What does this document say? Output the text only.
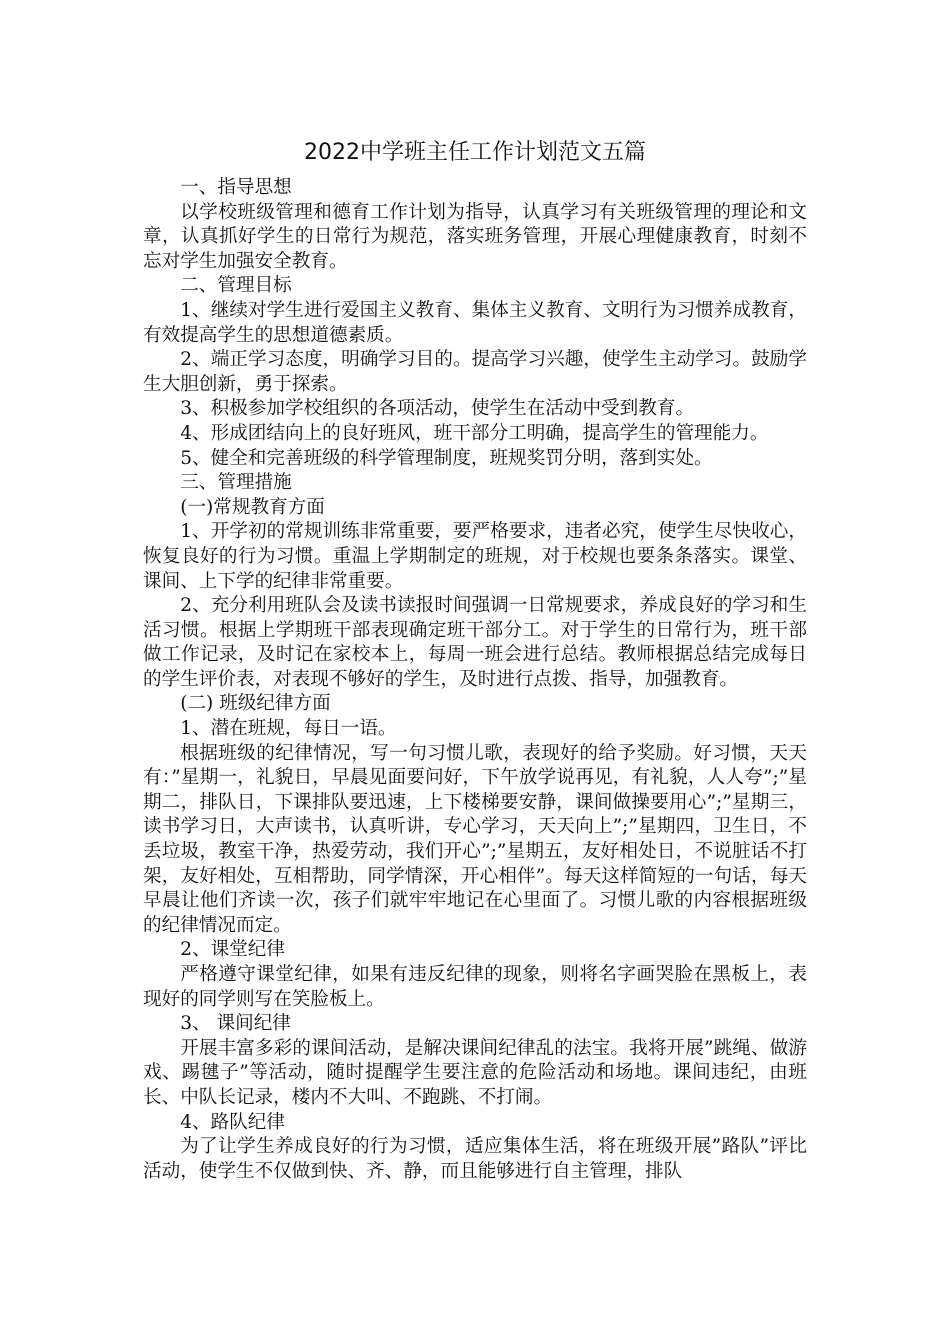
2022中学班主任工作计划范文五篇

一、指导思想

以学校班级管理和德育工作计划为指导，认真学习有关班级管理的理论和文章，认真抓好学生的日常行为规范，落实班务管理，开展心理健康教育，时刻不忘对学生加强安全教育。

二、管理目标

1、继续对学生进行爱国主义教育、集体主义教育、文明行为习惯养成教育，有效提高学生的思想道德素质。

2、端正学习态度，明确学习目的。提高学习兴趣，使学生主动学习。鼓励学生大胆创新，勇于探索。

3、积极参加学校组织的各项活动，使学生在活动中受到教育。

4、形成团结向上的良好班风，班干部分工明确，提高学生的管理能力。

5、健全和完善班级的科学管理制度，班规奖罚分明，落到实处。

三、管理措施

(一)常规教育方面

1、开学初的常规训练非常重要，要严格要求，违者必究，使学生尽快收心，恢复良好的行为习惯。重温上学期制定的班规，对于校规也要条条落实。课堂、课间、上下学的纪律非常重要。

2、充分利用班队会及读书读报时间强调一日常规要求，养成良好的学习和生活习惯。根据上学期班干部表现确定班干部分工。对于学生的日常行为，班干部做工作记录，及时记在家校本上，每周一班会进行总结。教师根据总结完成每日的学生评价表，对表现不够好的学生，及时进行点拨、指导，加强教育。

(二) 班级纪律方面

1、潜在班规，每日一语。

根据班级的纪律情况，写一句习惯儿歌，表现好的给予奖励。好习惯，天天有：”星期一，礼貌日，早晨见面要问好，下午放学说再见，有礼貌，人人夸”;”星期二，排队日，下课排队要迅速，上下楼梯要安静，课间做操要用心”;”星期三，读书学习日，大声读书，认真听讲，专心学习，天天向上”;”星期四，卫生日，不丢垃圾，教室干净，热爱劳动，我们开心”;”星期五，友好相处日，不说脏话不打架，友好相处，互相帮助，同学情深，开心相伴”。每天这样简短的一句话，每天早晨让他们齐读一次，孩子们就牢牢地记在心里面了。习惯儿歌的内容根据班级的纪律情况而定。

2、课堂纪律

严格遵守课堂纪律，如果有违反纪律的现象，则将名字画哭脸在黑板上，表现好的同学则写在笑脸板上。

3、 课间纪律

开展丰富多彩的课间活动，是解决课间纪律乱的法宝。我将开展”跳绳、做游戏、踢毽子”等活动，随时提醒学生要注意的危险活动和场地。课间违纪，由班长、中队长记录，楼内不大叫、不跑跳、不打闹。

4、路队纪律

为了让学生养成良好的行为习惯，适应集体生活，将在班级开展”路队”评比活动，使学生不仅做到快、齐、静，而且能够进行自主管理，排队
